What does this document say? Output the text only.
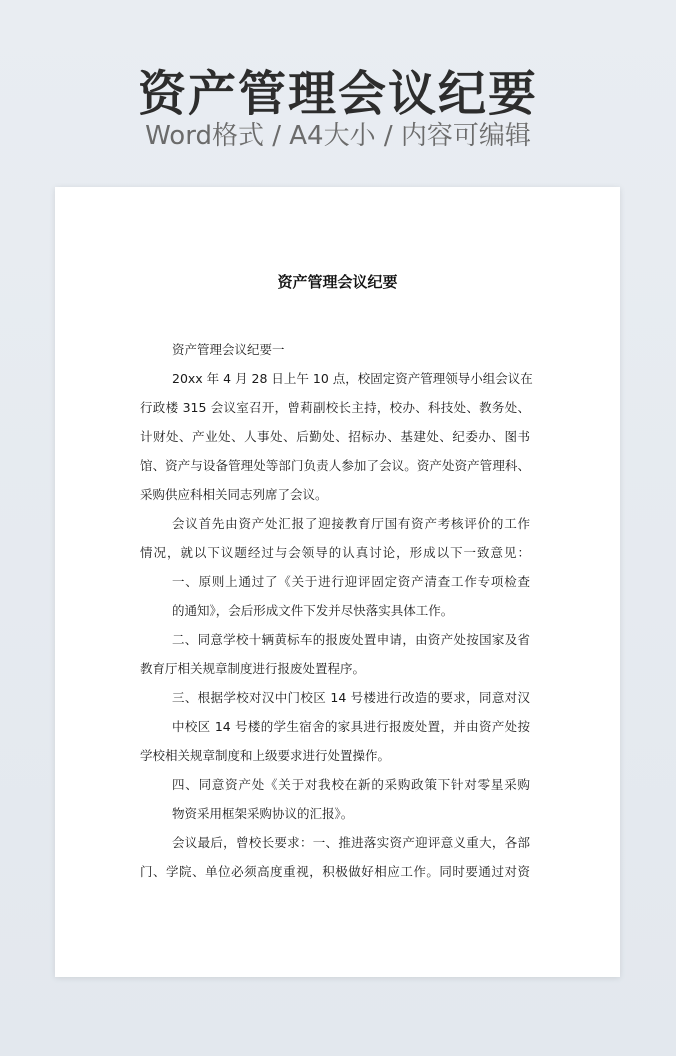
资产管理会议纪要
Word格式 / A4大小 / 内容可编辑
资产管理会议纪要
资产管理会议纪要一
20xx 年 4 月 28 日上午 10 点，校固定资产管理领导小组会议在
行政楼 315 会议室召开，曾莉副校长主持，校办、科技处、教务处、
计财处、产业处、人事处、后勤处、招标办、基建处、纪委办、图书
馆、资产与设备管理处等部门负责人参加了会议。资产处资产管理科、
采购供应科相关同志列席了会议。
会议首先由资产处汇报了迎接教育厅国有资产考核评价的工作
情况，就以下议题经过与会领导的认真讨论，形成以下一致意见：
一、原则上通过了《关于进行迎评固定资产清查工作专项检查
的通知》，会后形成文件下发并尽快落实具体工作。
二、同意学校十辆黄标车的报废处置申请，由资产处按国家及省
教育厅相关规章制度进行报废处置程序。
三、根据学校对汉中门校区 14 号楼进行改造的要求，同意对汉
中校区 14 号楼的学生宿舍的家具进行报废处置，并由资产处按
学校相关规章制度和上级要求进行处置操作。
四、同意资产处《关于对我校在新的采购政策下针对零星采购
物资采用框架采购协议的汇报》。
会议最后，曾校长要求：一、推进落实资产迎评意义重大，各部
门、学院、单位必须高度重视，积极做好相应工作。同时要通过对资
